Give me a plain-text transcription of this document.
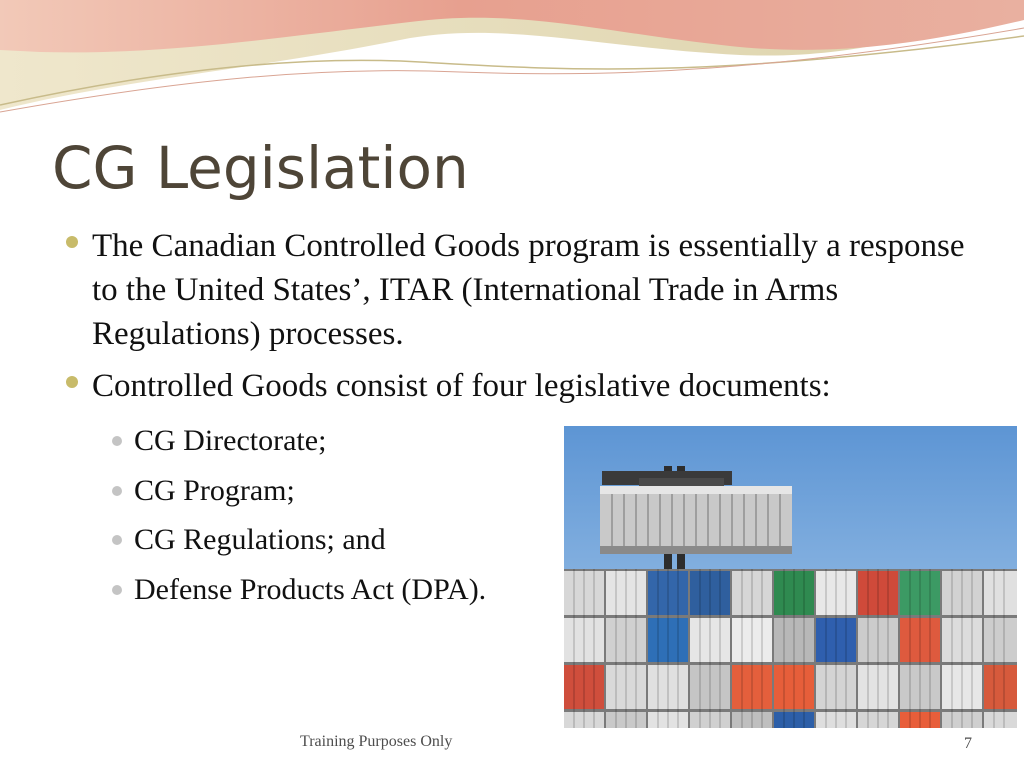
CG Legislation
The Canadian Controlled Goods program is essentially a response to the United States’, ITAR (International Trade in Arms Regulations) processes.
Controlled Goods consist of four legislative documents:
CG Directorate;
CG Program;
CG Regulations; and
Defense Products Act (DPA).
Training Purposes Only	7
